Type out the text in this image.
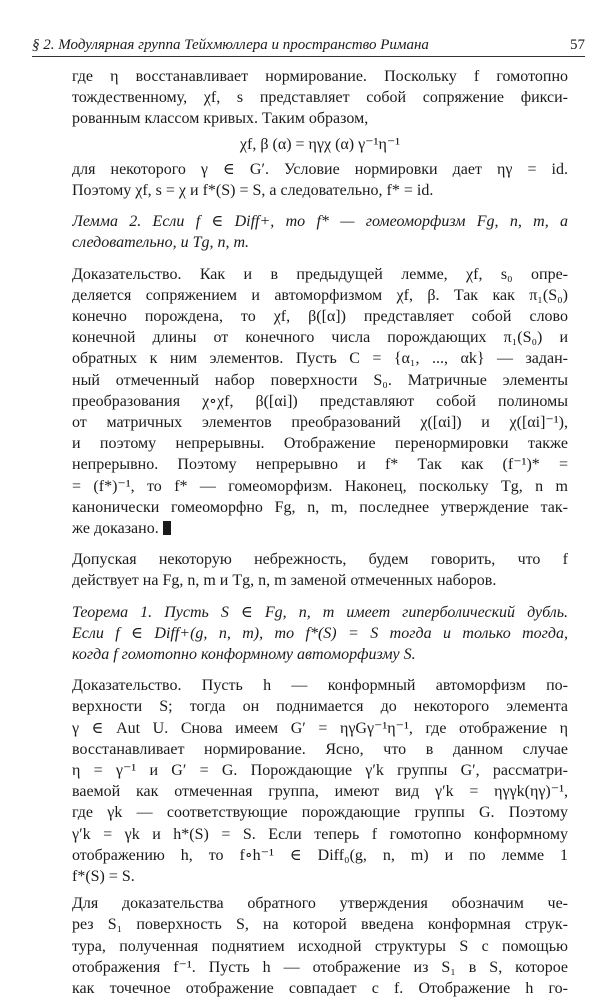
§ 2. Модулярная группа Тейхмюллера и пространство Римана	57
где η восстанавливает нормирование. Поскольку f гомотопно
тождественному, χf, s представляет собой сопряжение фикси-
рованным классом кривых. Таким образом,
χf, β (α) = ηγχ (α) γ⁻¹η⁻¹
для некоторого γ ∈ G′. Условие нормировки дает ηγ = id.
Поэтому χf, s = χ и f*(S) = S, а следовательно, f* = id.
Лемма 2. Если f ∈ Diff+, то f* — гомеоморфизм Fg, n, m, а
следовательно, и Tg, n, m.
Доказательство. Как и в предыдущей лемме, χf, s₀ опре-
деляется сопряжением и автоморфизмом χf, β. Так как π₁(S₀)
конечно порождена, то χf, β([α]) представляет собой слово
конечной длины от конечного числа порождающих π₁(S₀) и
обратных к ним элементов. Пусть C = {α₁, ..., αk} — задан-
ный отмеченный набор поверхности S₀. Матричные элементы
преобразования χ∘χf, β([αi]) представляют собой полиномы
от матричных элементов преобразований χ([αi]) и χ([αi]⁻¹),
и поэтому непрерывны. Отображение перенормировки также
непрерывно. Поэтому непрерывно и f* Так как (f⁻¹)* =
= (f*)⁻¹, то f* — гомеоморфизм. Наконец, поскольку Tg, n m
канонически гомеоморфно Fg, n, m, последнее утверждение так-
же доказано.
Допуская некоторую небрежность, будем говорить, что f
действует на Fg, n, m и Tg, n, m заменой отмеченных наборов.
Теорема 1. Пусть S ∈ Fg, n, m имеет гиперболический дубль.
Если f ∈ Diff+(g, n, m), то f*(S) = S тогда и только тогда,
когда f гомотопно конформному автоморфизму S.
Доказательство. Пусть h — конформный автоморфизм по-
верхности S; тогда он поднимается до некоторого элемента
γ ∈ Aut U. Снова имеем G′ = ηγGγ⁻¹η⁻¹, где отображение η
восстанавливает нормирование. Ясно, что в данном случае
η = γ⁻¹ и G′ = G. Порождающие γ′k группы G′, рассматри-
ваемой как отмеченная группа, имеют вид γ′k = ηγγk(ηγ)⁻¹,
где γk — соответствующие порождающие группы G. Поэтому
γ′k = γk и h*(S) = S. Если теперь f гомотопно конформному
отображению h, то f∘h⁻¹ ∈ Diff₀(g, n, m) и по лемме 1
f*(S) = S.
Для доказательства обратного утверждения обозначим че-
рез S₁ поверхность S, на которой введена конформная струк-
тура, полученная поднятием исходной структуры S с помощью
отображения f⁻¹. Пусть h — отображение из S₁ в S, которое
как точечное отображение совпадает с f. Отображение h го-
